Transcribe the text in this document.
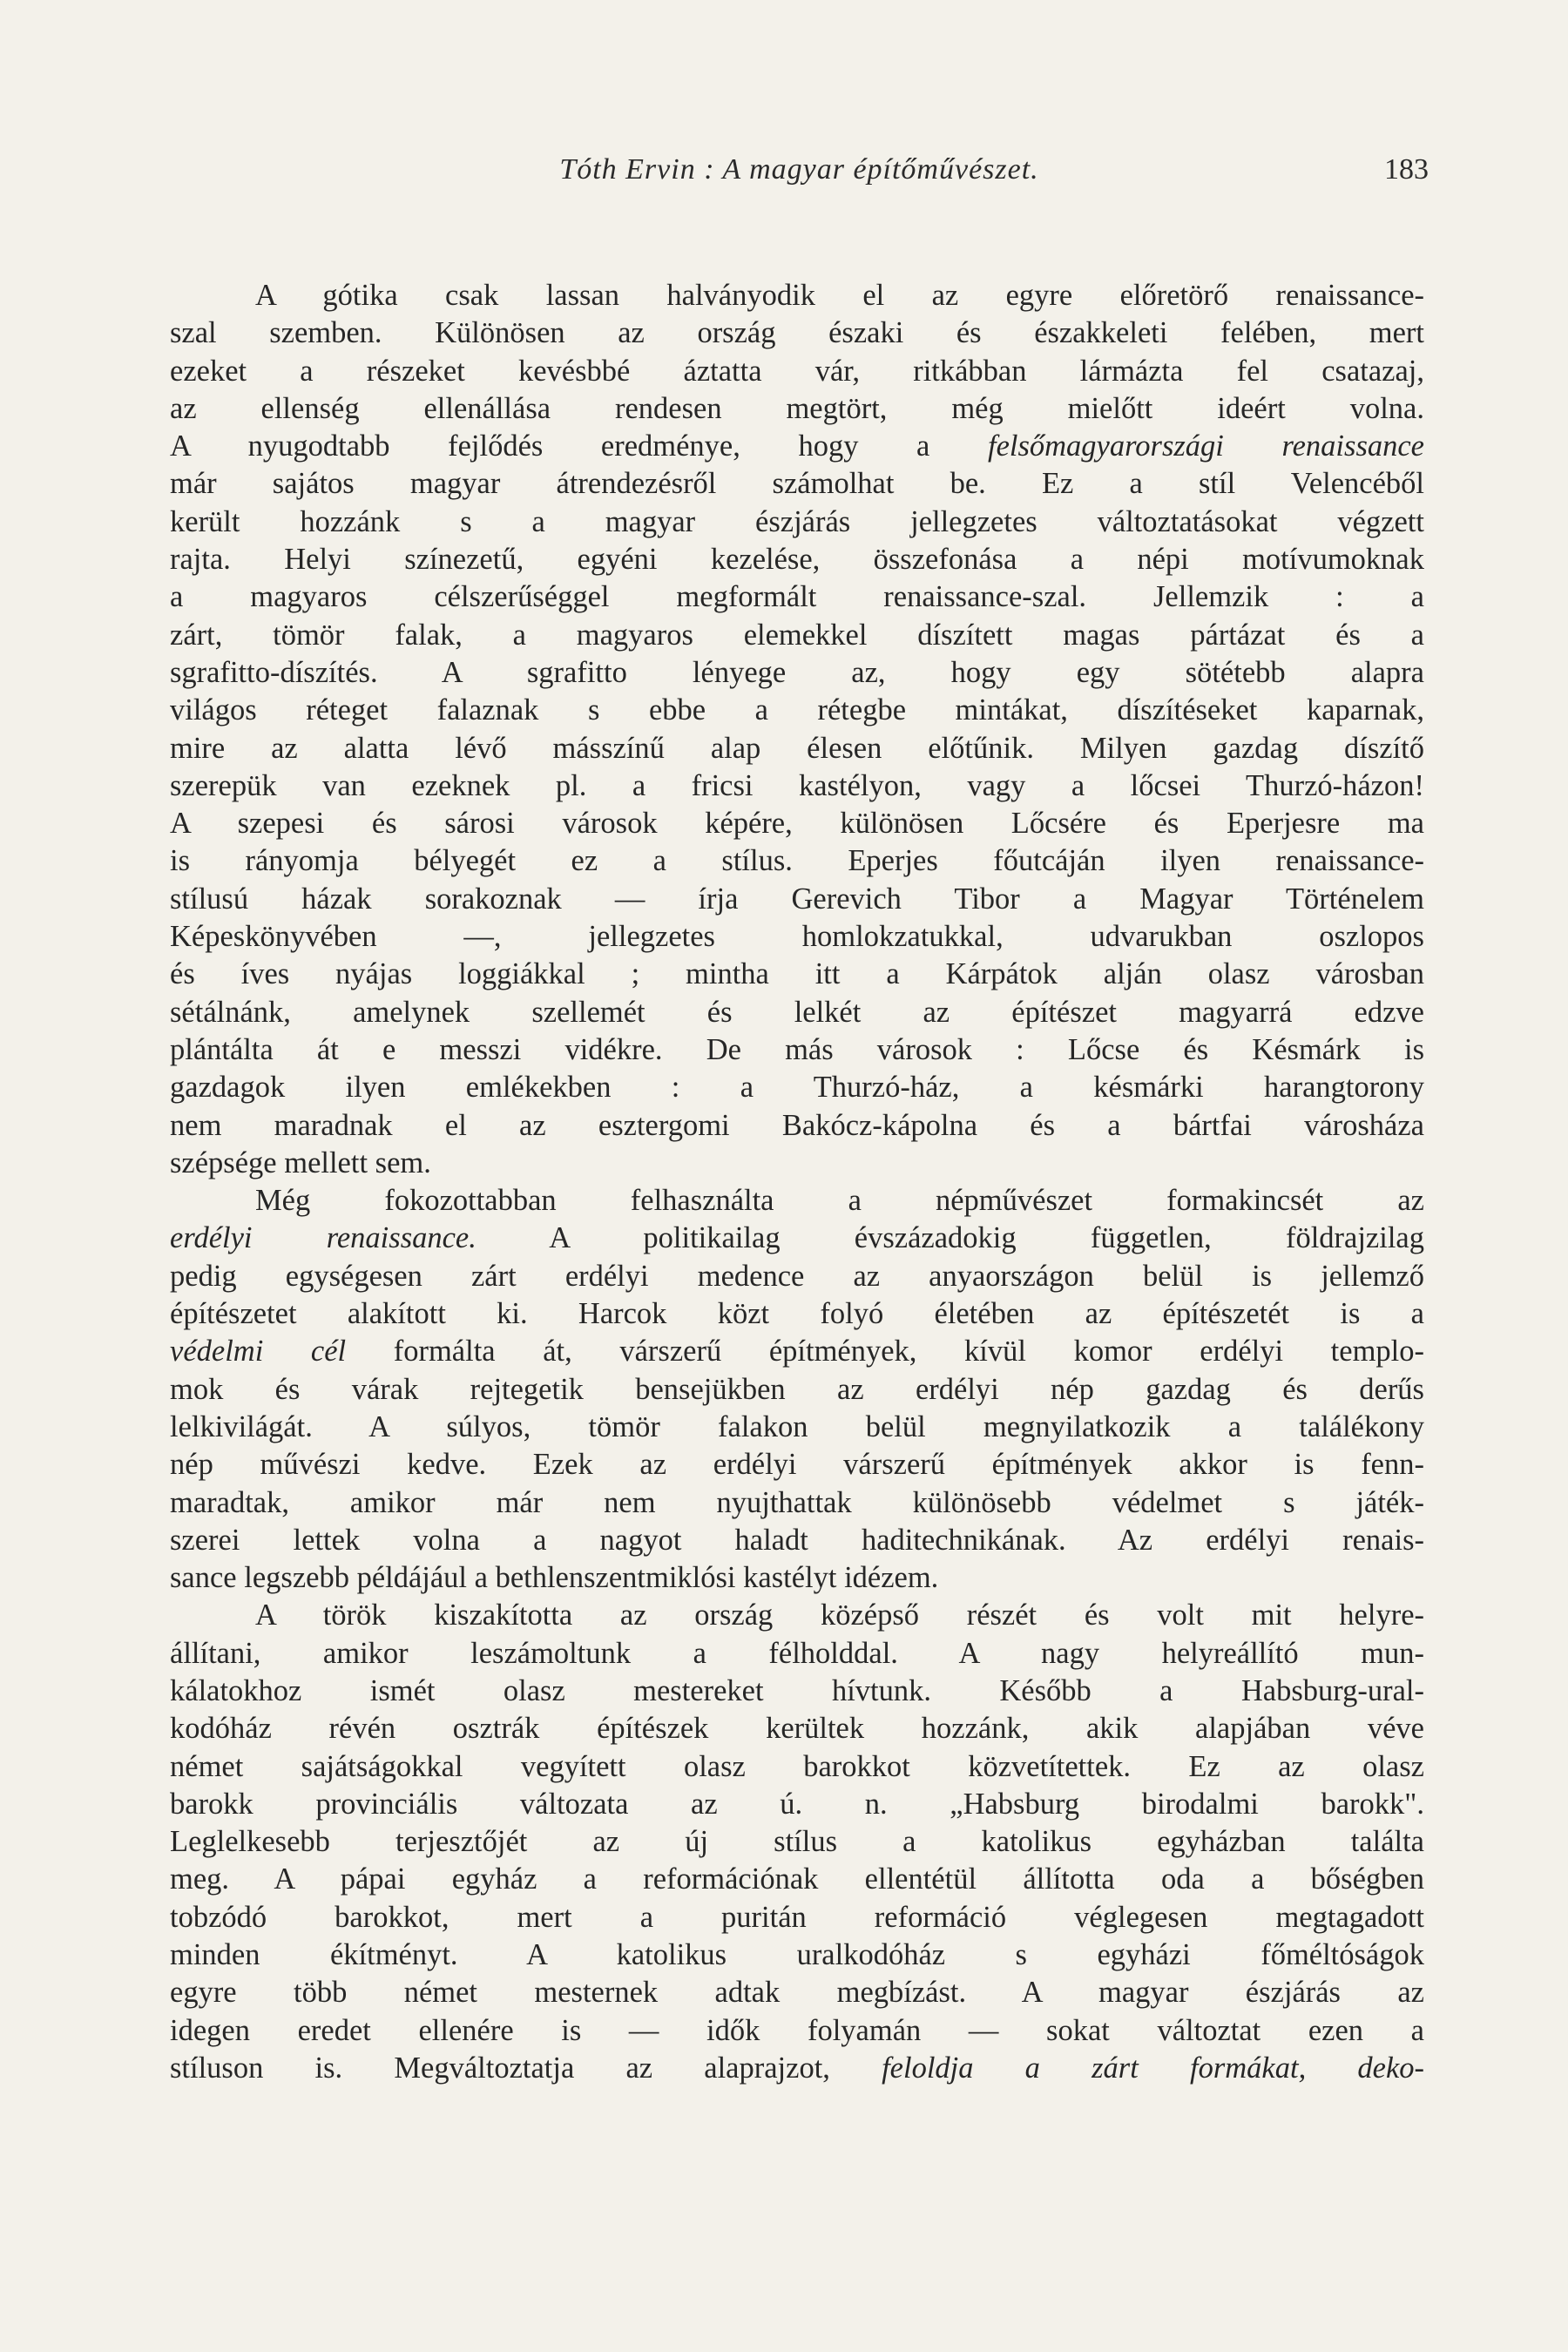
Tóth Ervin : A magyar építőművészet.	183
A gótika csak lassan halványodik el az egyre előretörő renaissance-
szal szemben. Különösen az ország északi és északkeleti felében, mert
ezeket a részeket kevésbbé áztatta vár, ritkábban lármázta fel csatazaj,
az ellenség ellenállása rendesen megtört, még mielőtt ideért volna.
A nyugodtabb fejlődés eredménye, hogy a felsőmagyarországi renaissance
már sajátos magyar átrendezésről számolhat be. Ez a stíl Velencéből
került hozzánk s a magyar észjárás jellegzetes változtatásokat végzett
rajta. Helyi színezetű, egyéni kezelése, összefonása a népi motívumoknak
a magyaros célszerűséggel megformált renaissance-szal. Jellemzik : a
zárt, tömör falak, a magyaros elemekkel díszített magas pártázat és a
sgrafitto-díszítés. A sgrafitto lényege az, hogy egy sötétebb alapra
világos réteget falaznak s ebbe a rétegbe mintákat, díszítéseket kaparnak,
mire az alatta lévő másszínű alap élesen előtűnik. Milyen gazdag díszítő
szerepük van ezeknek pl. a fricsi kastélyon, vagy a lőcsei Thurzó-házon!
A szepesi és sárosi városok képére, különösen Lőcsére és Eperjesre ma
is rányomja bélyegét ez a stílus. Eperjes főutcáján ilyen renaissance-
stílusú házak sorakoznak — írja Gerevich Tibor a Magyar Történelem
Képeskönyvében —, jellegzetes homlokzatukkal, udvarukban oszlopos
és íves nyájas loggiákkal ; mintha itt a Kárpátok alján olasz városban
sétálnánk, amelynek szellemét és lelkét az építészet magyarrá edzve
plántálta át e messzi vidékre. De más városok : Lőcse és Késmárk is
gazdagok ilyen emlékekben : a Thurzó-ház, a késmárki harangtorony
nem maradnak el az esztergomi Bakócz-kápolna és a bártfai városháza
szépsége mellett sem.
Még fokozottabban felhasználta a népművészet formakincsét az
erdélyi renaissance. A politikailag évszázadokig független, földrajzilag
pedig egységesen zárt erdélyi medence az anyaországon belül is jellemző
építészetet alakított ki. Harcok közt folyó életében az építészetét is a
védelmi cél formálta át, várszerű építmények, kívül komor erdélyi templo-
mok és várak rejtegetik bensejükben az erdélyi nép gazdag és derűs
lelkivilágát. A súlyos, tömör falakon belül megnyilatkozik a találékony
nép művészi kedve. Ezek az erdélyi várszerű építmények akkor is fenn-
maradtak, amikor már nem nyujthattak különösebb védelmet s játék-
szerei lettek volna a nagyot haladt haditechnikának. Az erdélyi renais-
sance legszebb példájául a bethlenszentmiklósi kastélyt idézem.
A török kiszakította az ország középső részét és volt mit helyre-
állítani, amikor leszámoltunk a félholddal. A nagy helyreállító mun-
kálatokhoz ismét olasz mestereket hívtunk. Később a Habsburg-ural-
kodóház révén osztrák építészek kerültek hozzánk, akik alapjában véve
német sajátságokkal vegyített olasz barokkot közvetítettek. Ez az olasz
barokk provinciális változata az ú. n. „Habsburg birodalmi barokk".
Leglelkesebb terjesztőjét az új stílus a katolikus egyházban találta
meg. A pápai egyház a reformációnak ellentétül állította oda a bőségben
tobzódó barokkot, mert a puritán reformáció véglegesen megtagadott
minden ékítményt. A katolikus uralkodóház s egyházi főméltóságok
egyre több német mesternek adtak megbízást. A magyar észjárás az
idegen eredet ellenére is — idők folyamán — sokat változtat ezen a
stíluson is. Megváltoztatja az alaprajzot, feloldja a zárt formákat, deko-
